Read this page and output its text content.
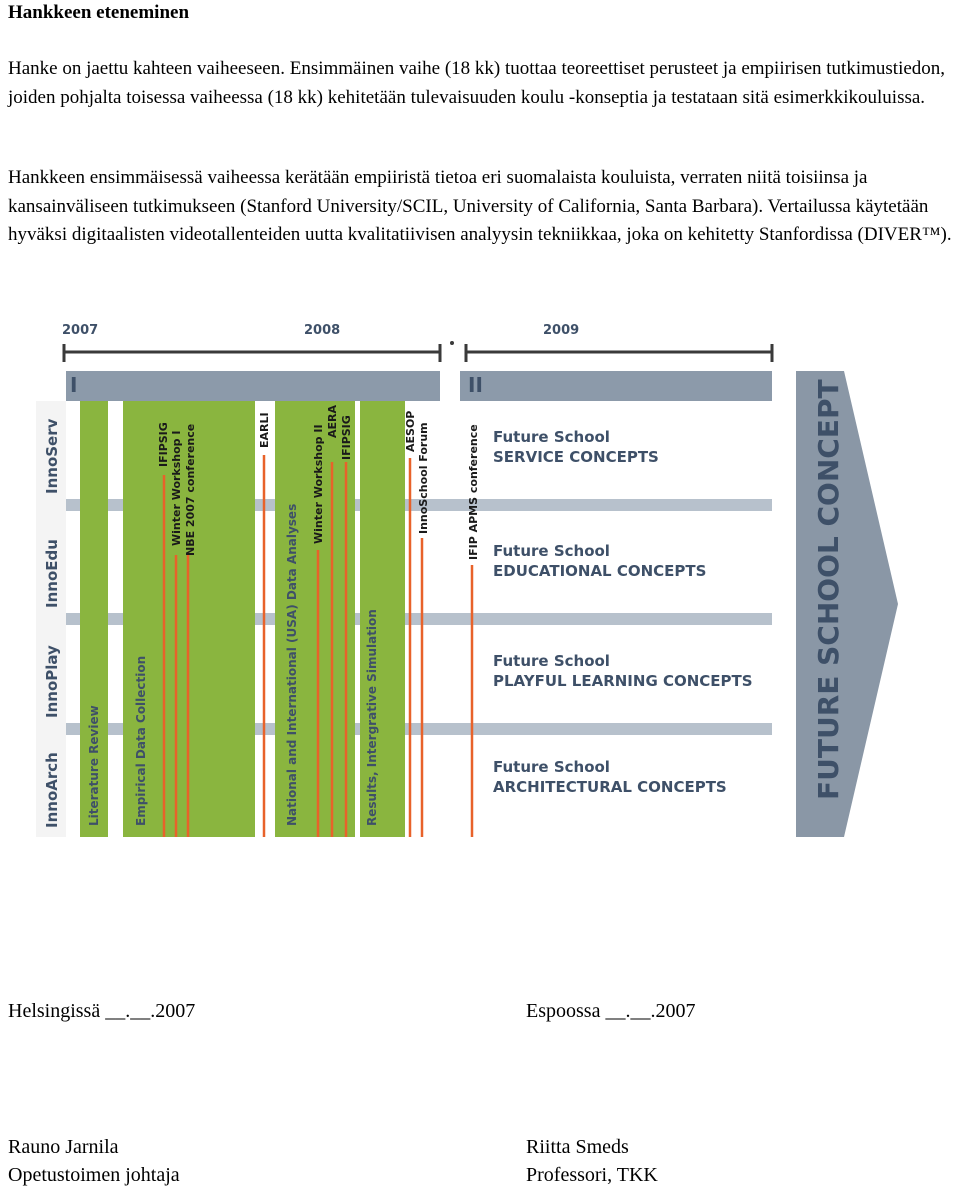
Hankkeen eteneminen

Hanke on jaettu kahteen vaiheeseen. Ensimmäinen vaihe (18 kk) tuottaa teoreettiset perusteet ja empiirisen tutkimustiedon, joiden pohjalta toisessa vaiheessa (18 kk) kehitetään tulevaisuuden koulu -konseptia ja testataan sitä esimerkkikouluissa.

Hankkeen ensimmäisessä vaiheessa kerätään empiiristä tietoa eri suomalaista kouluista, verraten niitä toisiinsa ja kansainväliseen tutkimukseen (Stanford University/SCIL, University of California, Santa Barbara). Vertailussa käytetään hyväksi digitaalisten videotallenteiden uutta kvalitatiivisen analyysin tekniikkaa, joka on kehitetty Stanfordissa (DIVER™).

2007	2008	2009
I	II
InnoServ
InnoEdu
InnoPlay
InnoArch Literature Review	Empirical Data Collection	National and International (USA) Data Analyses	Results, Intergrative Simulation
IFIPSIG Winter Workshop I NBE 2007 conference	EARLI	Winter Workshop II
AERA IFIPSIG	AESOP InnoSchool Forum	IFIP APMS conference Future School
SERVICE CONCEPTS
Future School
EDUCATIONAL CONCEPTS
Future School
PLAYFUL LEARNING CONCEPTS
Future School
ARCHITECTURAL CONCEPTS	FUTURE SCHOOL CONCEPT
Helsingissä __.__.2007	Espoossa __.__.2007
Rauno Jarnila
Opetustoimen johtaja
Riitta Smeds
Professori, TKK
